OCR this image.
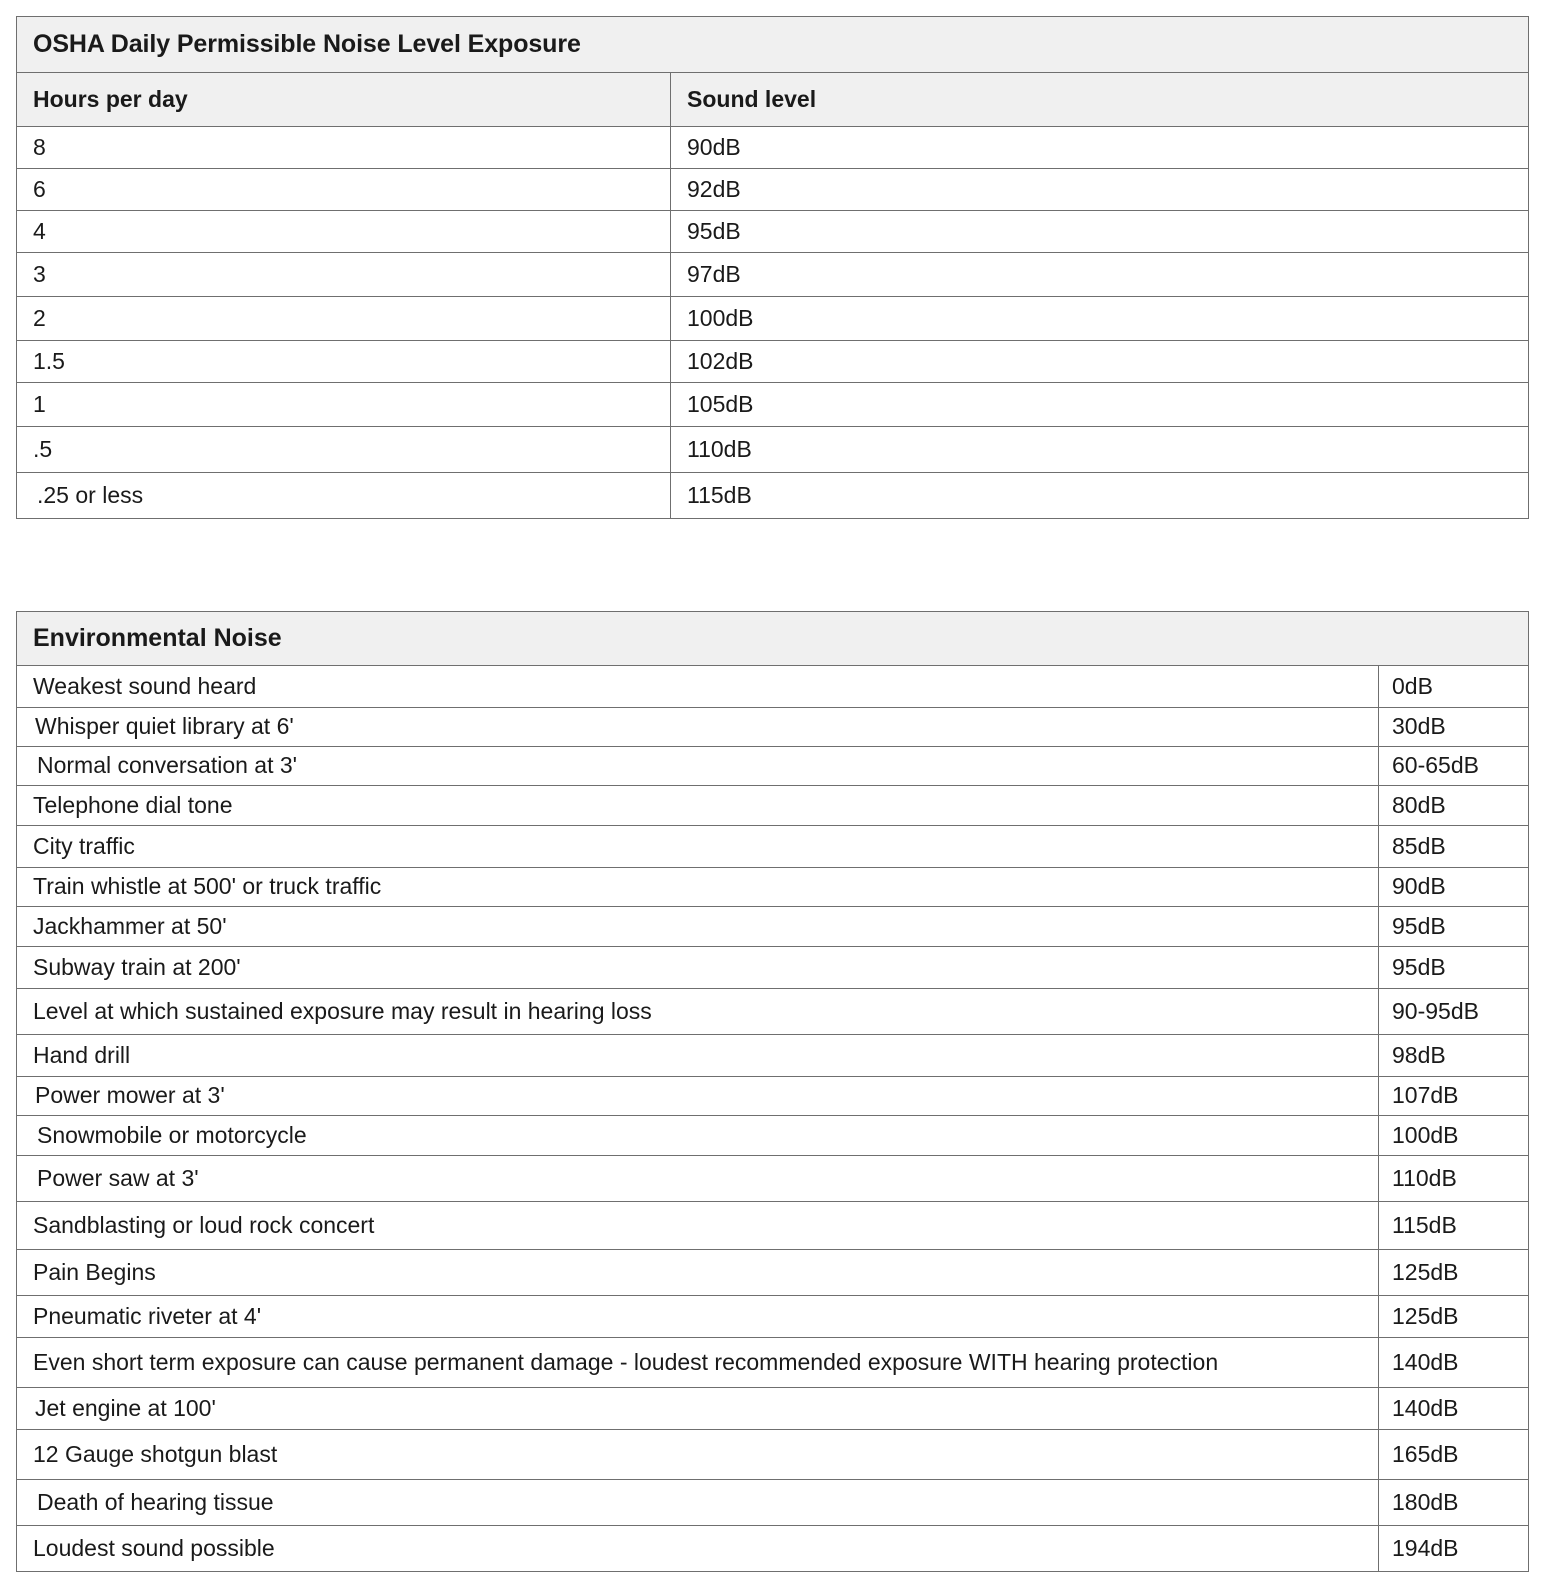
OSHA Daily Permissible Noise Level Exposure	
Hours per day	Sound level
8	90dB
6	92dB
4	95dB
3	97dB
2	100dB
1.5	102dB
1	105dB
.5	110dB
.25 or less	115dB
Environmental Noise	
Weakest sound heard	0dB
Whisper quiet library at 6'	30dB
Normal conversation at 3'	60-65dB
Telephone dial tone	80dB
City traffic	85dB
Train whistle at 500' or truck traffic	90dB
Jackhammer at 50'	95dB
Subway train at 200'	95dB
Level at which sustained exposure may result in hearing loss	90-95dB
Hand drill	98dB
Power mower at 3'	107dB
Snowmobile or motorcycle	100dB
Power saw at 3'	110dB
Sandblasting or loud rock concert	115dB
Pain Begins	125dB
Pneumatic riveter at 4'	125dB
Even short term exposure can cause permanent damage - loudest recommended exposure WITH hearing protection	140dB
Jet engine at 100'	140dB
12 Gauge shotgun blast	165dB
Death of hearing tissue	180dB
Loudest sound possible	194dB
